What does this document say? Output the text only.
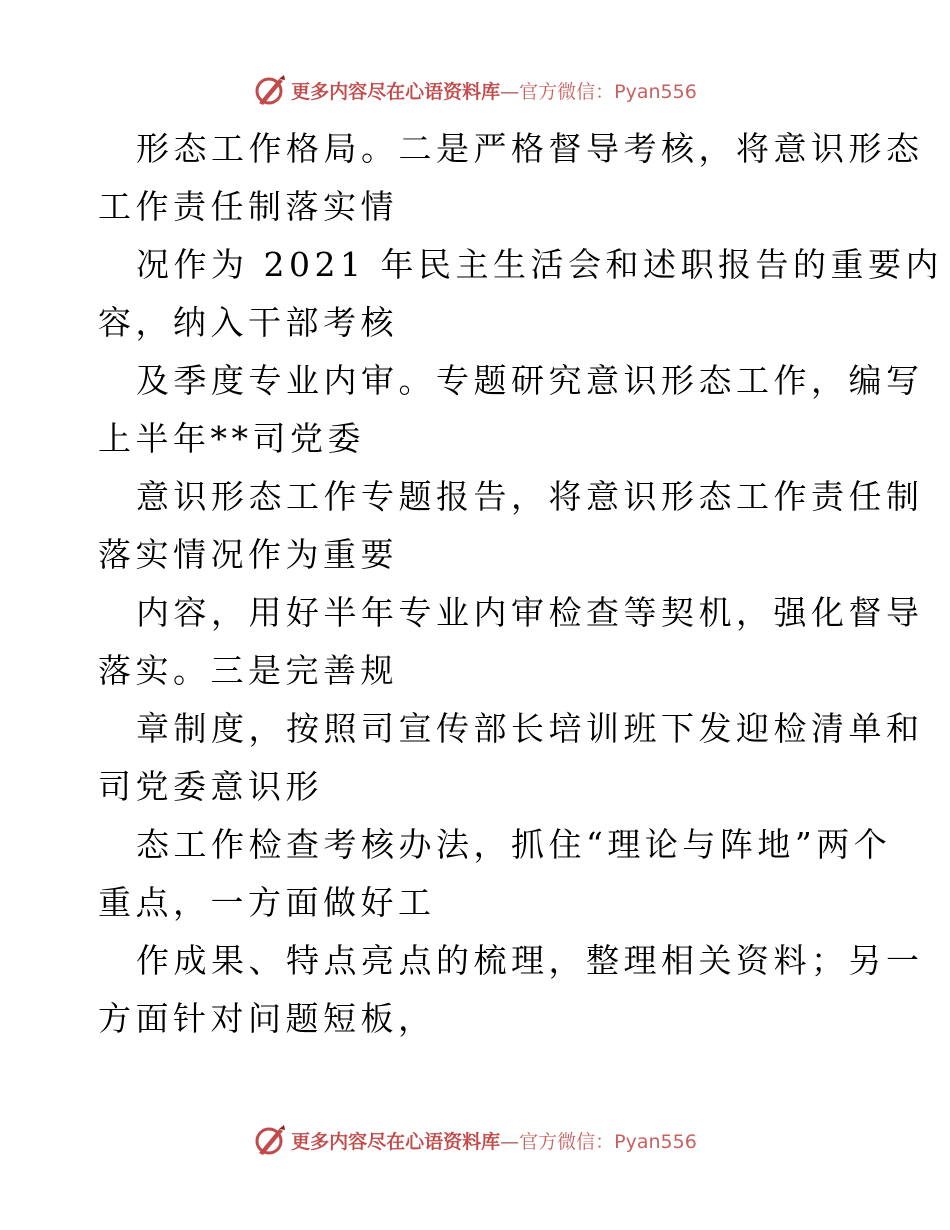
更多内容尽在心语资料库—官方微信：Pyan556

形态工作格局。二是严格督导考核，将意识形态
工作责任制落实情

况作为 2021 年民主生活会和述职报告的重要内
容，纳入干部考核

及季度专业内审。专题研究意识形态工作，编写
上半年**司党委

意识形态工作专题报告，将意识形态工作责任制
落实情况作为重要

内容，用好半年专业内审检查等契机，强化督导
落实。三是完善规

章制度，按照司宣传部长培训班下发迎检清单和
司党委意识形

态工作检查考核办法，抓住“理论与阵地”两个
重点，一方面做好工

作成果、特点亮点的梳理，整理相关资料；另一
方面针对问题短板，

更多内容尽在心语资料库—官方微信：Pyan556
